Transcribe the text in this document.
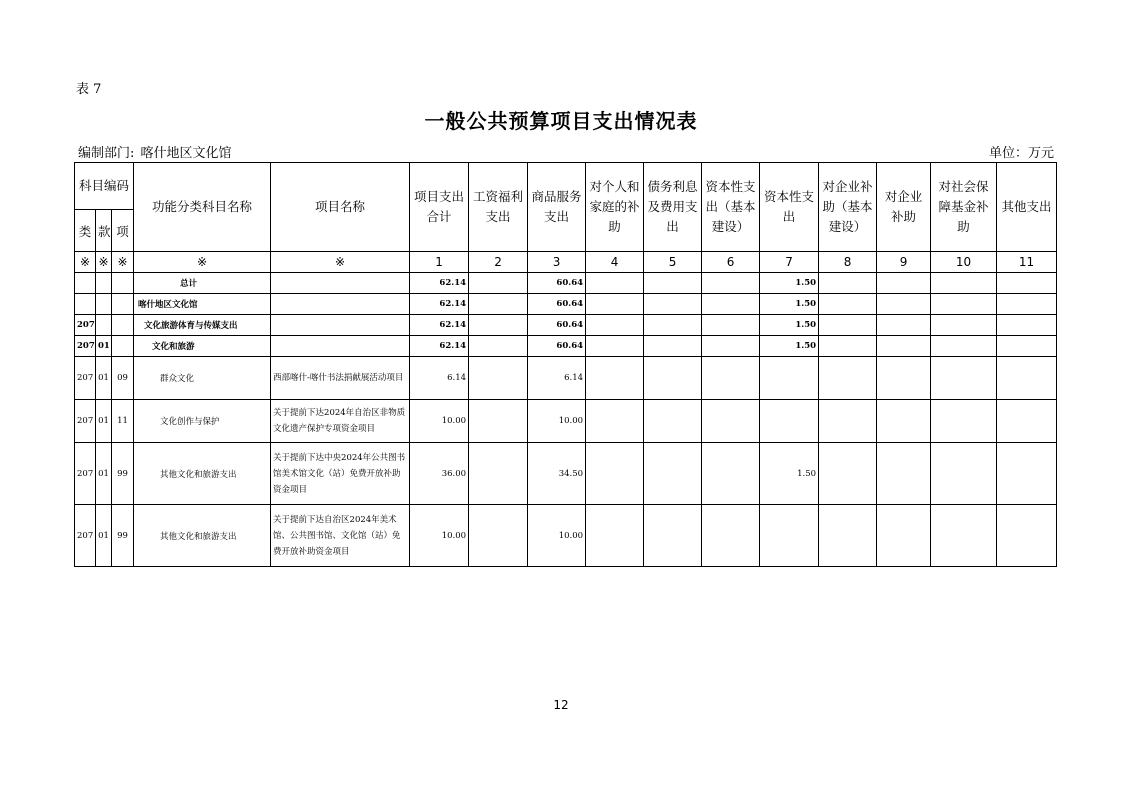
表 7
一般公共预算项目支出情况表
编制部门: 喀什地区文化馆	单位：万元
科目编码			功能分类科目名称	项目名称	项目支出合计	工资福利支出	商品服务支出	对个人和家庭的补助	债务利息及费用支出	资本性支出（基本建设）	资本性支出	对企业补助（基本建设）	对企业补助	对社会保障基金补助	其他支出
类	款	项													
※	※	※	※	※	1	2	3	4	5	6	7	8	9	10	11
			总计		62.14		60.64				1.50				
			喀什地区文化馆		62.14		60.64				1.50				
207			文化旅游体育与传媒支出		62.14		60.64				1.50				
207	01		文化和旅游		62.14		60.64				1.50				
207	01	09	群众文化	西部喀什-喀什书法捐献展活动项目	6.14		6.14								
207	01	11	文化创作与保护	关于提前下达2024年自治区非物质文化遗产保护专项资金项目	10.00		10.00								
207	01	99	其他文化和旅游支出	关于提前下达中央2024年公共图书馆美术馆文化（站）免费开放补助资金项目	36.00		34.50				1.50				
207	01	99	其他文化和旅游支出	关于提前下达自治区2024年美术馆、公共图书馆、文化馆（站）免费开放补助资金项目	10.00		10.00								
12
